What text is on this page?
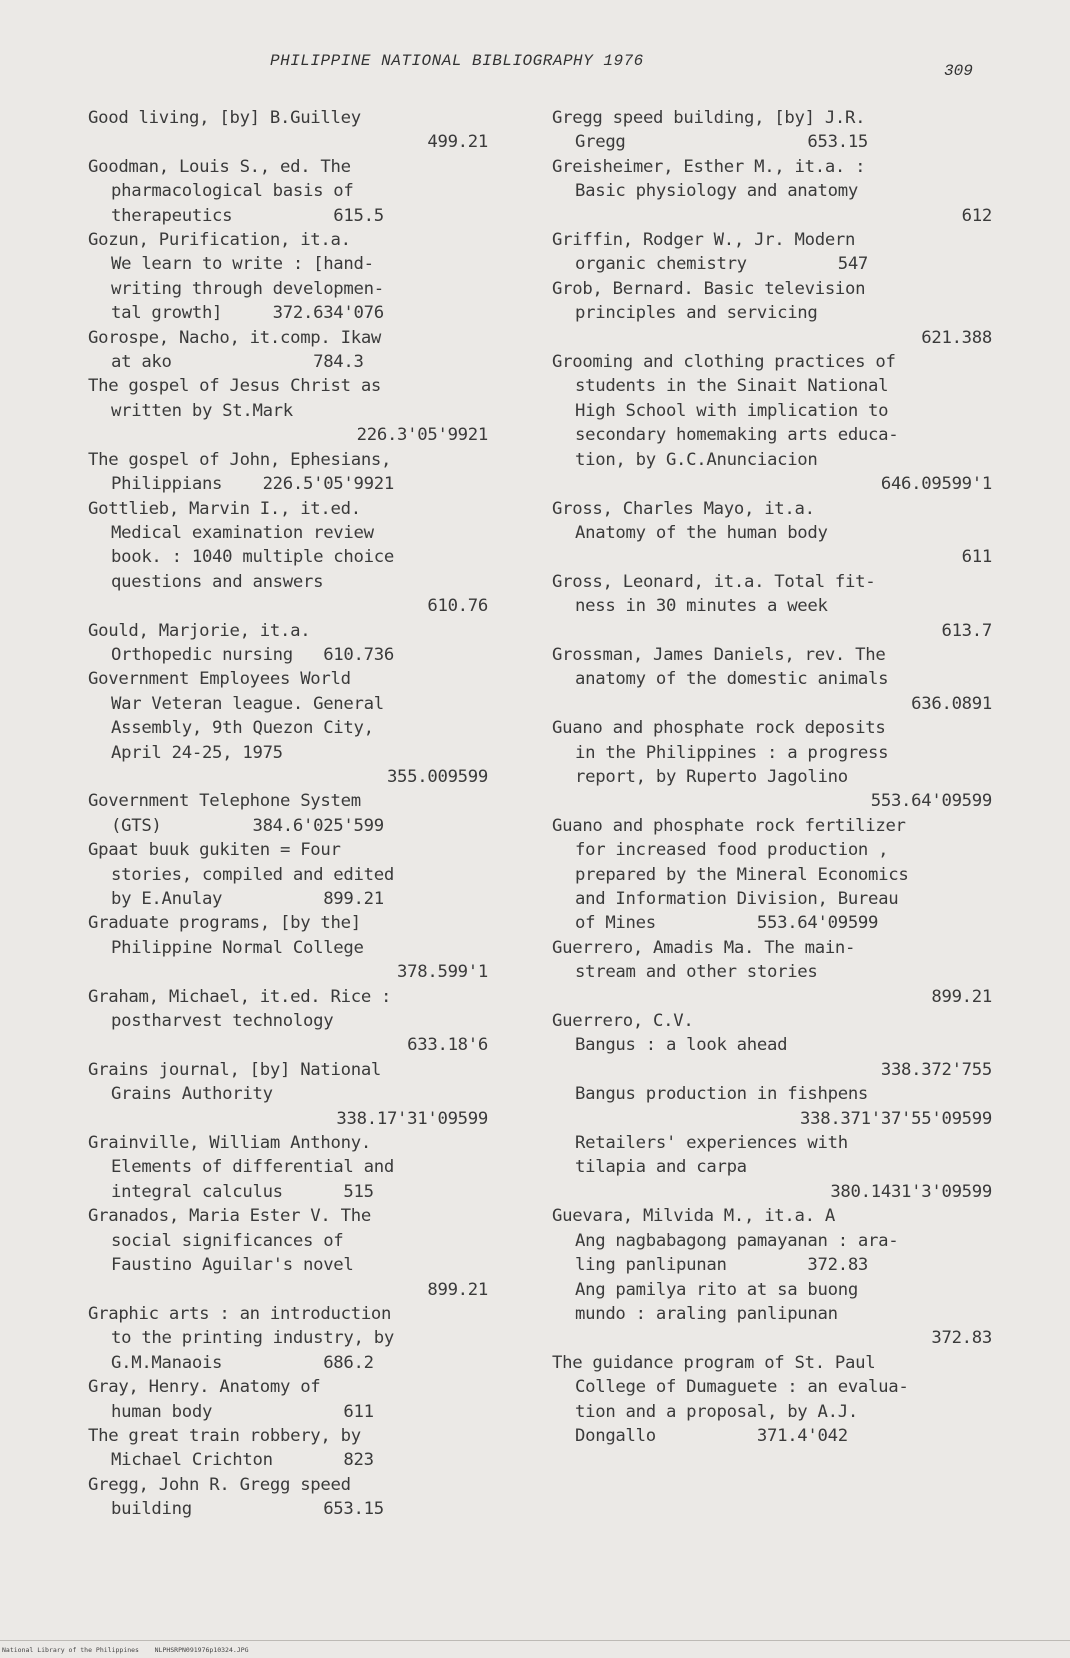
PHILIPPINE NATIONAL BIBLIOGRAPHY 1976
309
Good living, [by] B.Guilley
499.21
Goodman, Louis S., ed. The
pharmacological basis of
therapeutics          615.5
Gozun, Purification, it.a.
We learn to write : [hand-
writing through developmen-
tal growth]     372.634'076
Gorospe, Nacho, it.comp. Ikaw
at ako              784.3
The gospel of Jesus Christ as
written by St.Mark
226.3'05'9921
The gospel of John, Ephesians,
Philippians    226.5'05'9921
Gottlieb, Marvin I., it.ed.
Medical examination review
book. : 1040 multiple choice
questions and answers
610.76
Gould, Marjorie, it.a.
Orthopedic nursing   610.736
Government Employees World
War Veteran league. General
Assembly, 9th Quezon City,
April 24-25, 1975
355.009599
Government Telephone System
(GTS)         384.6'025'599
Gpaat buuk gukiten = Four
stories, compiled and edited
by E.Anulay          899.21
Graduate programs, [by the]
Philippine Normal College
378.599'1
Graham, Michael, it.ed. Rice :
postharvest technology
633.18'6
Grains journal, [by] National
Grains Authority
338.17'31'09599
Grainville, William Anthony.
Elements of differential and
integral calculus      515
Granados, Maria Ester V. The
social significances of
Faustino Aguilar's novel
899.21
Graphic arts : an introduction
to the printing industry, by
G.M.Manaois          686.2
Gray, Henry. Anatomy of
human body             611
The great train robbery, by
Michael Crichton       823
Gregg, John R. Gregg speed
building             653.15
Gregg speed building, [by] J.R.
Gregg                  653.15
Greisheimer, Esther M., it.a. :
Basic physiology and anatomy
612
Griffin, Rodger W., Jr. Modern
organic chemistry         547
Grob, Bernard. Basic television
principles and servicing
621.388
Grooming and clothing practices of
students in the Sinait National
High School with implication to
secondary homemaking arts educa-
tion, by G.C.Anunciacion
646.09599'1
Gross, Charles Mayo, it.a.
Anatomy of the human body
611
Gross, Leonard, it.a. Total fit-
ness in 30 minutes a week
613.7
Grossman, James Daniels, rev. The
anatomy of the domestic animals
636.0891
Guano and phosphate rock deposits
in the Philippines : a progress
report, by Ruperto Jagolino
553.64'09599
Guano and phosphate rock fertilizer
for increased food production ,
prepared by the Mineral Economics
and Information Division, Bureau
of Mines          553.64'09599
Guerrero, Amadis Ma. The main-
stream and other stories
899.21
Guerrero, C.V.
Bangus : a look ahead
338.372'755
Bangus production in fishpens
338.371'37'55'09599
Retailers' experiences with
tilapia and carpa
380.1431'3'09599
Guevara, Milvida M., it.a. A
Ang nagbabagong pamayanan : ara-
ling panlipunan        372.83
Ang pamilya rito at sa buong
mundo : araling panlipunan
372.83
The guidance program of St. Paul
College of Dumaguete : an evalua-
tion and a proposal, by A.J.
Dongallo          371.4'042
National Library of the Philippines    NLPHSRPN091976p10324.JPG
